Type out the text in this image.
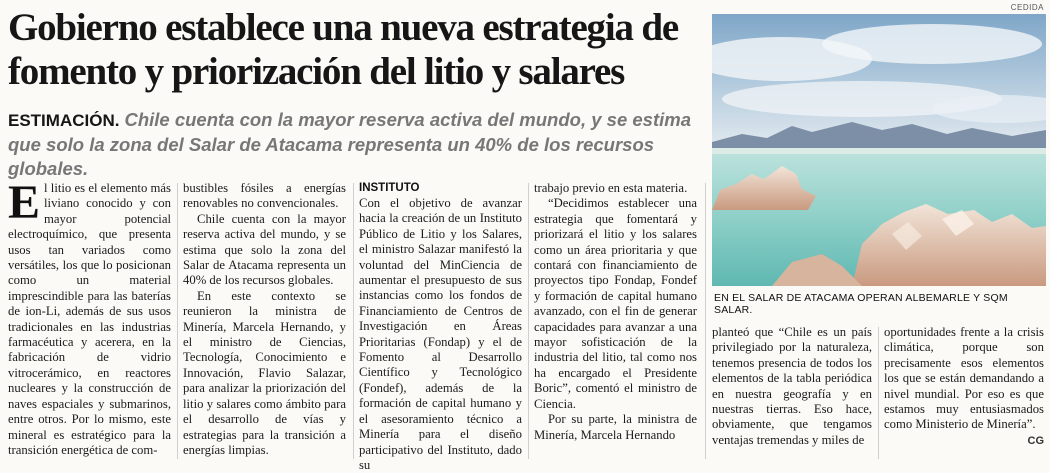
Gobierno establece una nueva estrategia de fomento y priorización del litio y salares

ESTIMACIÓN. Chile cuenta con la mayor reserva activa del mundo, y se estima que solo la zona del Salar de Atacama representa un 40% de los recursos globales.

CEDIDA
EN EL SALAR DE ATACAMA OPERAN ALBEMARLE Y SQM SALAR.
E l litio es el elemento más liviano conocido y con mayor potencial electroquímico, que presenta usos tan variados como versátiles, los que lo posicionan como un material imprescindible para las baterías de ion-Li, además de sus usos tradicionales en las industrias farmacéutica y acerera, en la fabricación de vidrio vitrocerámico, en reactores nucleares y la construcción de naves espaciales y submarinos, entre otros. Por lo mismo, este mineral es estratégico para la transición energética de com-

bustibles fósiles a energías renovables no convencionales.

Chile cuenta con la mayor reserva activa del mundo, y se estima que solo la zona del Salar de Atacama representa un 40% de los recursos globales.

En este contexto se reunieron la ministra de Minería, Marcela Hernando, y el ministro de Ciencias, Tecnología, Conocimiento e Innovación, Flavio Salazar, para analizar la priorización del litio y salares como ámbito para el desarrollo de vías y estrategias para la transición a energías limpias.

INSTITUTO

Con el objetivo de avanzar hacia la creación de un Instituto Público de Litio y los Salares, el ministro Salazar manifestó la voluntad del MinCiencia de aumentar el presupuesto de sus instancias como los fondos de Financiamiento de Centros de Investigación en Áreas Prioritarias (Fondap) y el de Fomento al Desarrollo Científico y Tecnológico (Fondef), además de la formación de capital humano y el asesoramiento técnico a Minería para el diseño participativo del Instituto, dado su

trabajo previo en esta materia.

“Decidimos establecer una estrategia que fomentará y priorizará el litio y los salares como un área prioritaria y que contará con financiamiento de proyectos tipo Fondap, Fondef y formación de capital humano avanzado, con el fin de generar capacidades para avanzar a una mayor sofisticación de la industria del litio, tal como nos ha encargado el Presidente Boric”, comentó el ministro de Ciencia.

Por su parte, la ministra de Minería, Marcela Hernando

planteó que “Chile es un país privilegiado por la naturaleza, tenemos presencia de todos los elementos de la tabla periódica en nuestra geografía y en nuestras tierras. Eso hace, obviamente, que tengamos ventajas tremendas y miles de

oportunidades frente a la crisis climática, porque son precisamente esos elementos los que se están demandando a nivel mundial. Por eso es que estamos muy entusiasmados como Ministerio de Minería”.

CG
